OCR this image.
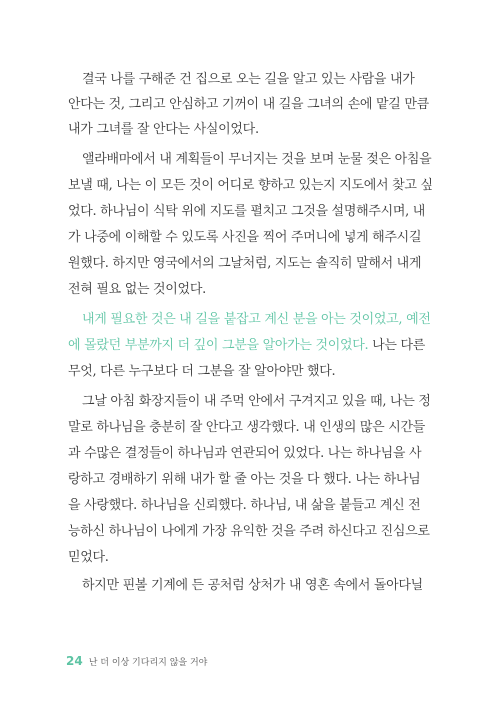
결국 나를 구해준 건 집으로 오는 길을 알고 있는 사람을 내가
안다는 것, 그리고 안심하고 기꺼이 내 길을 그녀의 손에 맡길 만큼
내가 그녀를 잘 안다는 사실이었다.
앨라배마에서 내 계획들이 무너지는 것을 보며 눈물 젖은 아침을
보낼 때, 나는 이 모든 것이 어디로 향하고 있는지 지도에서 찾고 싶
었다. 하나님이 식탁 위에 지도를 펼치고 그것을 설명해주시며, 내
가 나중에 이해할 수 있도록 사진을 찍어 주머니에 넣게 해주시길
원했다. 하지만 영국에서의 그날처럼, 지도는 솔직히 말해서 내게
전혀 필요 없는 것이었다.
내게 필요한 것은 내 길을 붙잡고 계신 분을 아는 것이었고, 예전
에 몰랐던 부분까지 더 깊이 그분을 알아가는 것이었다. 나는 다른
무엇, 다른 누구보다 더 그분을 잘 알아야만 했다.
그날 아침 화장지들이 내 주먹 안에서 구겨지고 있을 때, 나는 정
말로 하나님을 충분히 잘 안다고 생각했다. 내 인생의 많은 시간들
과 수많은 결정들이 하나님과 연관되어 있었다. 나는 하나님을 사
랑하고 경배하기 위해 내가 할 줄 아는 것을 다 했다. 나는 하나님
을 사랑했다. 하나님을 신뢰했다. 하나님, 내 삶을 붙들고 계신 전
능하신 하나님이 나에게 가장 유익한 것을 주려 하신다고 진심으로
믿었다.
하지만 핀볼 기계에 든 공처럼 상처가 내 영혼 속에서 돌아다닐
24 난 더 이상 기다리지 않을 거야
